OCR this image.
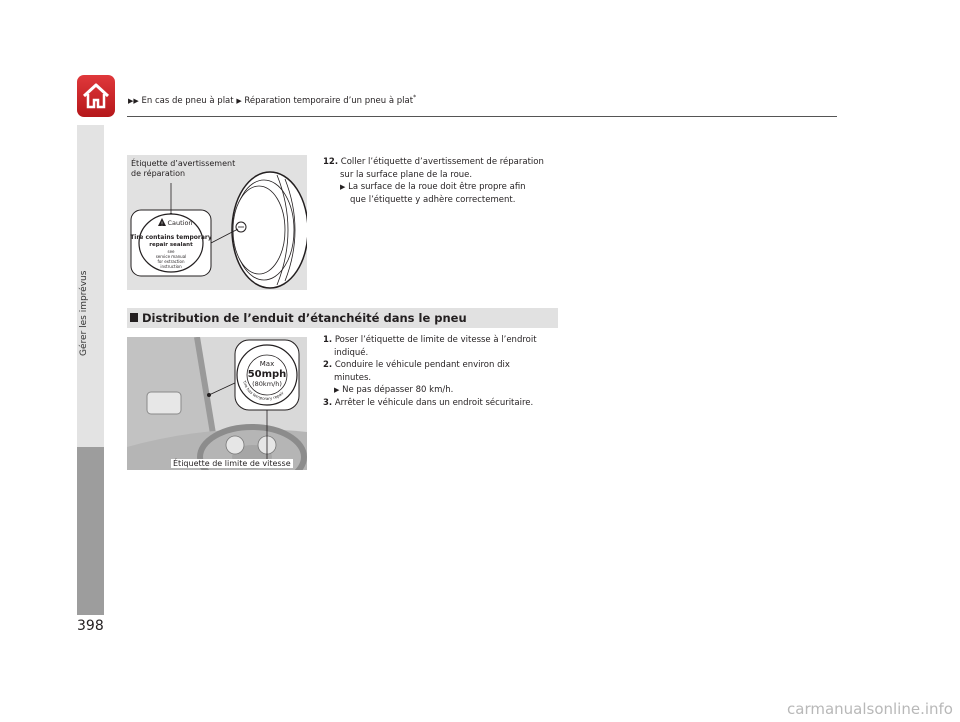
▶▶ En cas de pneu à plat ▶ Réparation temporaire d’un pneu à plat*
Gérer les imprévus
398
! Caution
Tire contains temporary
repair sealant
see
service manual
for extraction
instruction
Étiquette d’avertissement
de réparation
12. Coller l’étiquette d’avertissement de réparation
sur la surface plane de la roue.
▶ La surface de la roue doit être propre afin
que l’étiquette y adhère correctement.
Distribution de l’enduit d’étanchéité dans le pneu
Max
50mph
(80km/h)
Tire has temporary repair
Étiquette de limite de vitesse
1. Poser l’étiquette de limite de vitesse à l’endroit
indiqué.
2. Conduire le véhicule pendant environ dix
minutes.
▶ Ne pas dépasser 80 km/h.
3. Arrêter le véhicule dans un endroit sécuritaire.
carmanualsonline.info
